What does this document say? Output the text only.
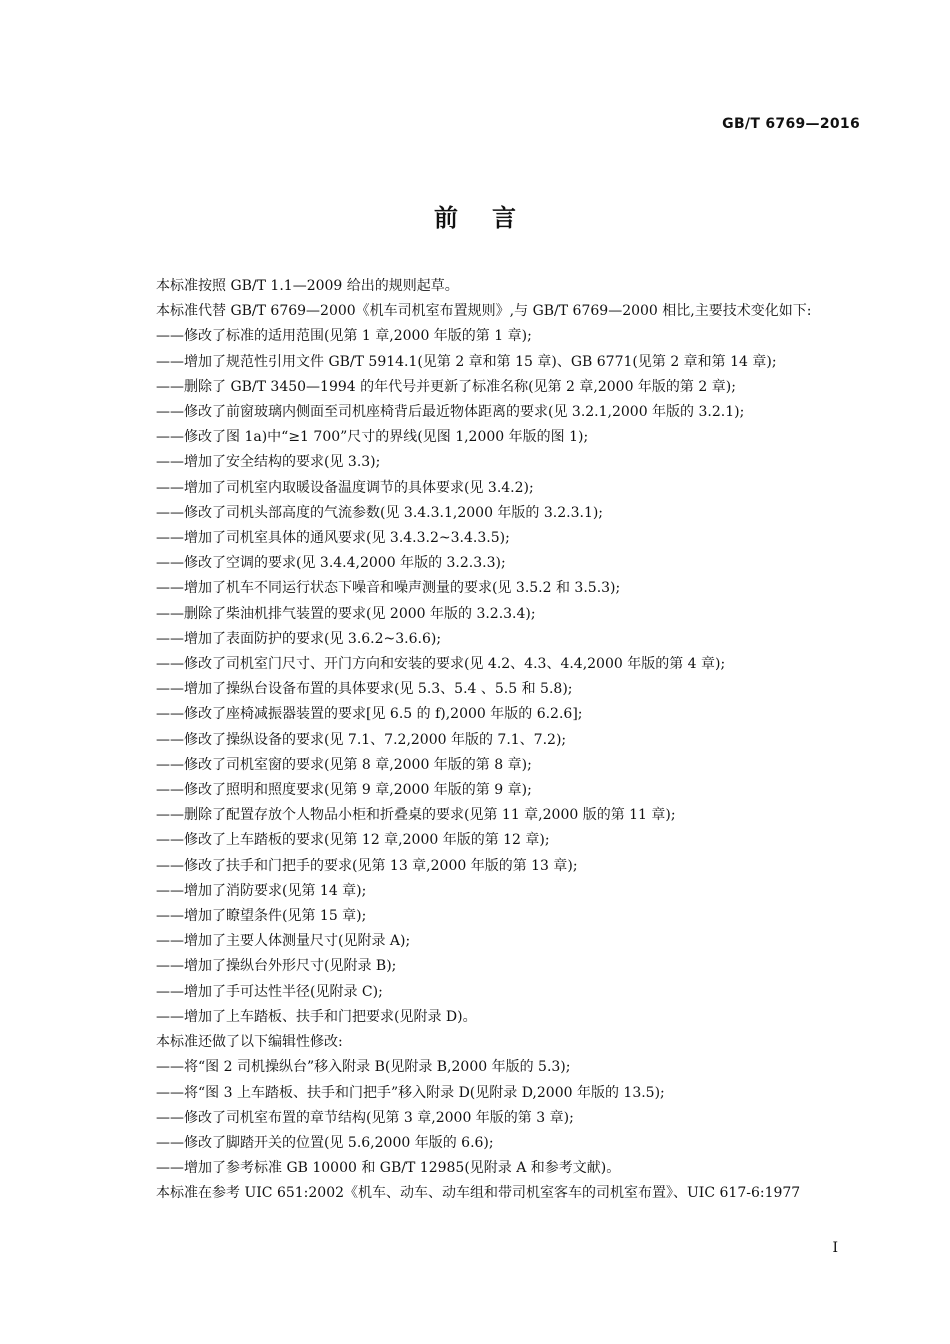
GB/T 6769—2016
前言

本标准按照 GB/T 1.1—2009 给出的规则起草。

本标准代替 GB/T 6769—2000《机车司机室布置规则》,与 GB/T 6769—2000 相比,主要技术变化如下:

——修改了标准的适用范围(见第 1 章,2000 年版的第 1 章);

——增加了规范性引用文件 GB/T 5914.1(见第 2 章和第 15 章)、GB 6771(见第 2 章和第 14 章);

——删除了 GB/T 3450—1994 的年代号并更新了标准名称(见第 2 章,2000 年版的第 2 章);

——修改了前窗玻璃内侧面至司机座椅背后最近物体距离的要求(见 3.2.1,2000 年版的 3.2.1);

——修改了图 1a)中“≥1 700”尺寸的界线(见图 1,2000 年版的图 1);

——增加了安全结构的要求(见 3.3);

——增加了司机室内取暖设备温度调节的具体要求(见 3.4.2);

——修改了司机头部高度的气流参数(见 3.4.3.1,2000 年版的 3.2.3.1);

——增加了司机室具体的通风要求(见 3.4.3.2~3.4.3.5);

——修改了空调的要求(见 3.4.4,2000 年版的 3.2.3.3);

——增加了机车不同运行状态下噪音和噪声测量的要求(见 3.5.2 和 3.5.3);

——删除了柴油机排气装置的要求(见 2000 年版的 3.2.3.4);

——增加了表面防护的要求(见 3.6.2~3.6.6);

——修改了司机室门尺寸、开门方向和安装的要求(见 4.2、4.3、4.4,2000 年版的第 4 章);

——增加了操纵台设备布置的具体要求(见 5.3、5.4 、5.5 和 5.8);

——修改了座椅减振器装置的要求[见 6.5 的 f),2000 年版的 6.2.6];

——修改了操纵设备的要求(见 7.1、7.2,2000 年版的 7.1、7.2);

——修改了司机室窗的要求(见第 8 章,2000 年版的第 8 章);

——修改了照明和照度要求(见第 9 章,2000 年版的第 9 章);

——删除了配置存放个人物品小柜和折叠桌的要求(见第 11 章,2000 版的第 11 章);

——修改了上车踏板的要求(见第 12 章,2000 年版的第 12 章);

——修改了扶手和门把手的要求(见第 13 章,2000 年版的第 13 章);

——增加了消防要求(见第 14 章);

——增加了瞭望条件(见第 15 章);

——增加了主要人体测量尺寸(见附录 A);

——增加了操纵台外形尺寸(见附录 B);

——增加了手可达性半径(见附录 C);

——增加了上车踏板、扶手和门把要求(见附录 D)。

本标准还做了以下编辑性修改:

——将“图 2 司机操纵台”移入附录 B(见附录 B,2000 年版的 5.3);

——将“图 3 上车踏板、扶手和门把手”移入附录 D(见附录 D,2000 年版的 13.5);

——修改了司机室布置的章节结构(见第 3 章,2000 年版的第 3 章);

——修改了脚踏开关的位置(见 5.6,2000 年版的 6.6);

——增加了参考标准 GB 10000 和 GB/T 12985(见附录 A 和参考文献)。

本标准在参考 UIC 651:2002《机车、动车、动车组和带司机室客车的司机室布置》、UIC 617-6:1977

I
